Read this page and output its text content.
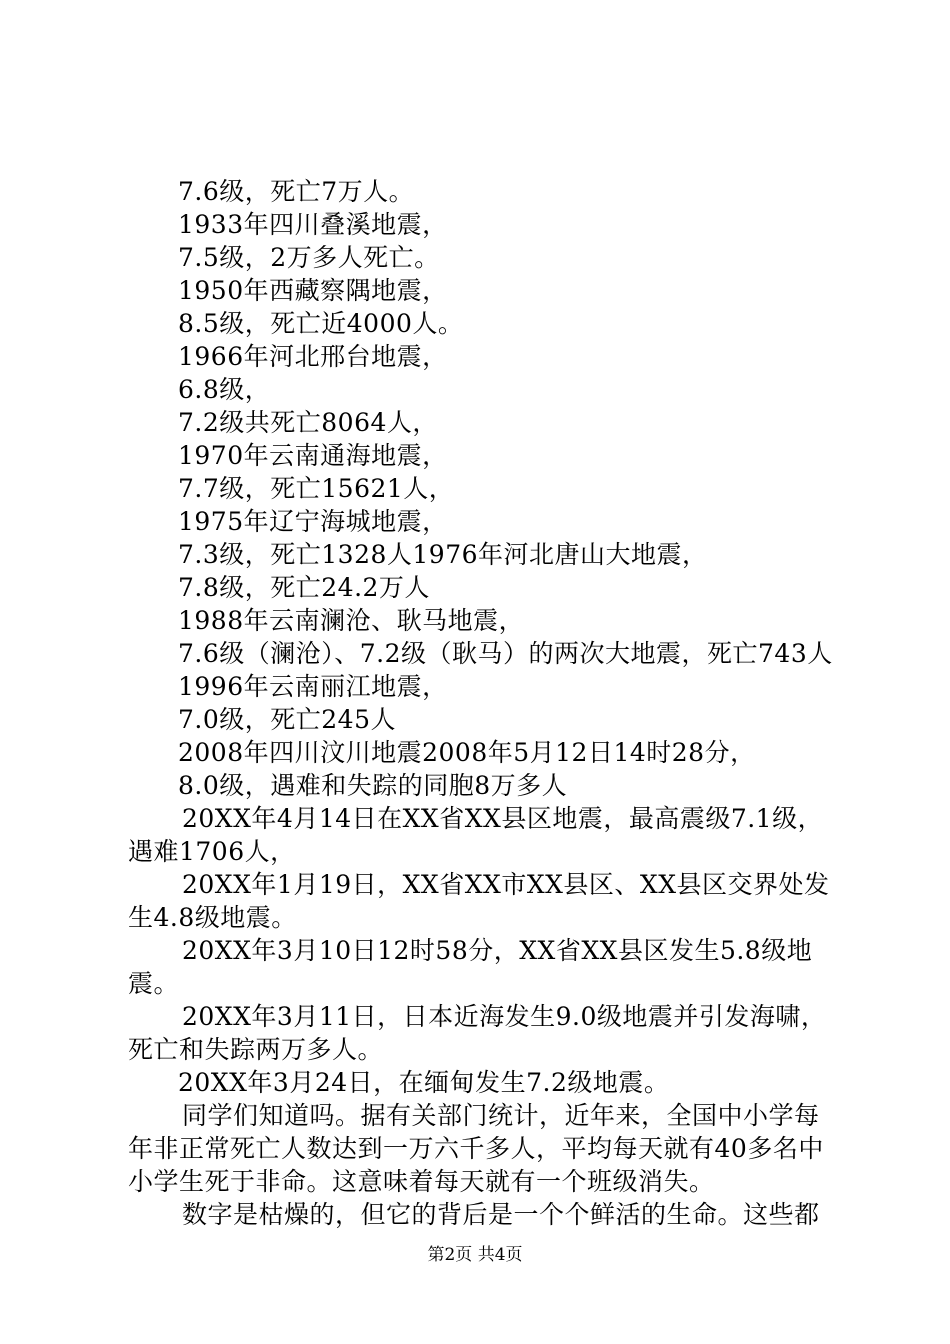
7.6级，死亡7万人。

1933年四川叠溪地震，

7.5级，2万多人死亡。

1950年西藏察隅地震，

8.5级，死亡近4000人。

1966年河北邢台地震，

6.8级，

7.2级共死亡8064人，

1970年云南通海地震，

7.7级，死亡15621人，

1975年辽宁海城地震，

7.3级，死亡1328人1976年河北唐山大地震，

7.8级，死亡24.2万人

1988年云南澜沧、耿马地震，

7.6级（澜沧）、7.2级（耿马）的两次大地震，死亡743人

1996年云南丽江地震，

7.0级，死亡245人

2008年四川汶川地震2008年5月12日14时28分，

8.0级，遇难和失踪的同胞8万多人

20XX年4月14日在XX省XX县区地震，最高震级7.1级，遇难1706人，

20XX年1月19日，XX省XX市XX县区、XX县区交界处发生4.8级地震。

20XX年3月10日12时58分，XX省XX县区发生5.8级地震。

20XX年3月11日，日本近海发生9.0级地震并引发海啸，死亡和失踪两万多人。

20XX年3月24日，在缅甸发生7.2级地震。

同学们知道吗。据有关部门统计，近年来，全国中小学每年非正常死亡人数达到一万六千多人，平均每天就有40多名中小学生死于非命。这意味着每天就有一个班级消失。

数字是枯燥的，但它的背后是一个个鲜活的生命。这些都

第2页 共4页
